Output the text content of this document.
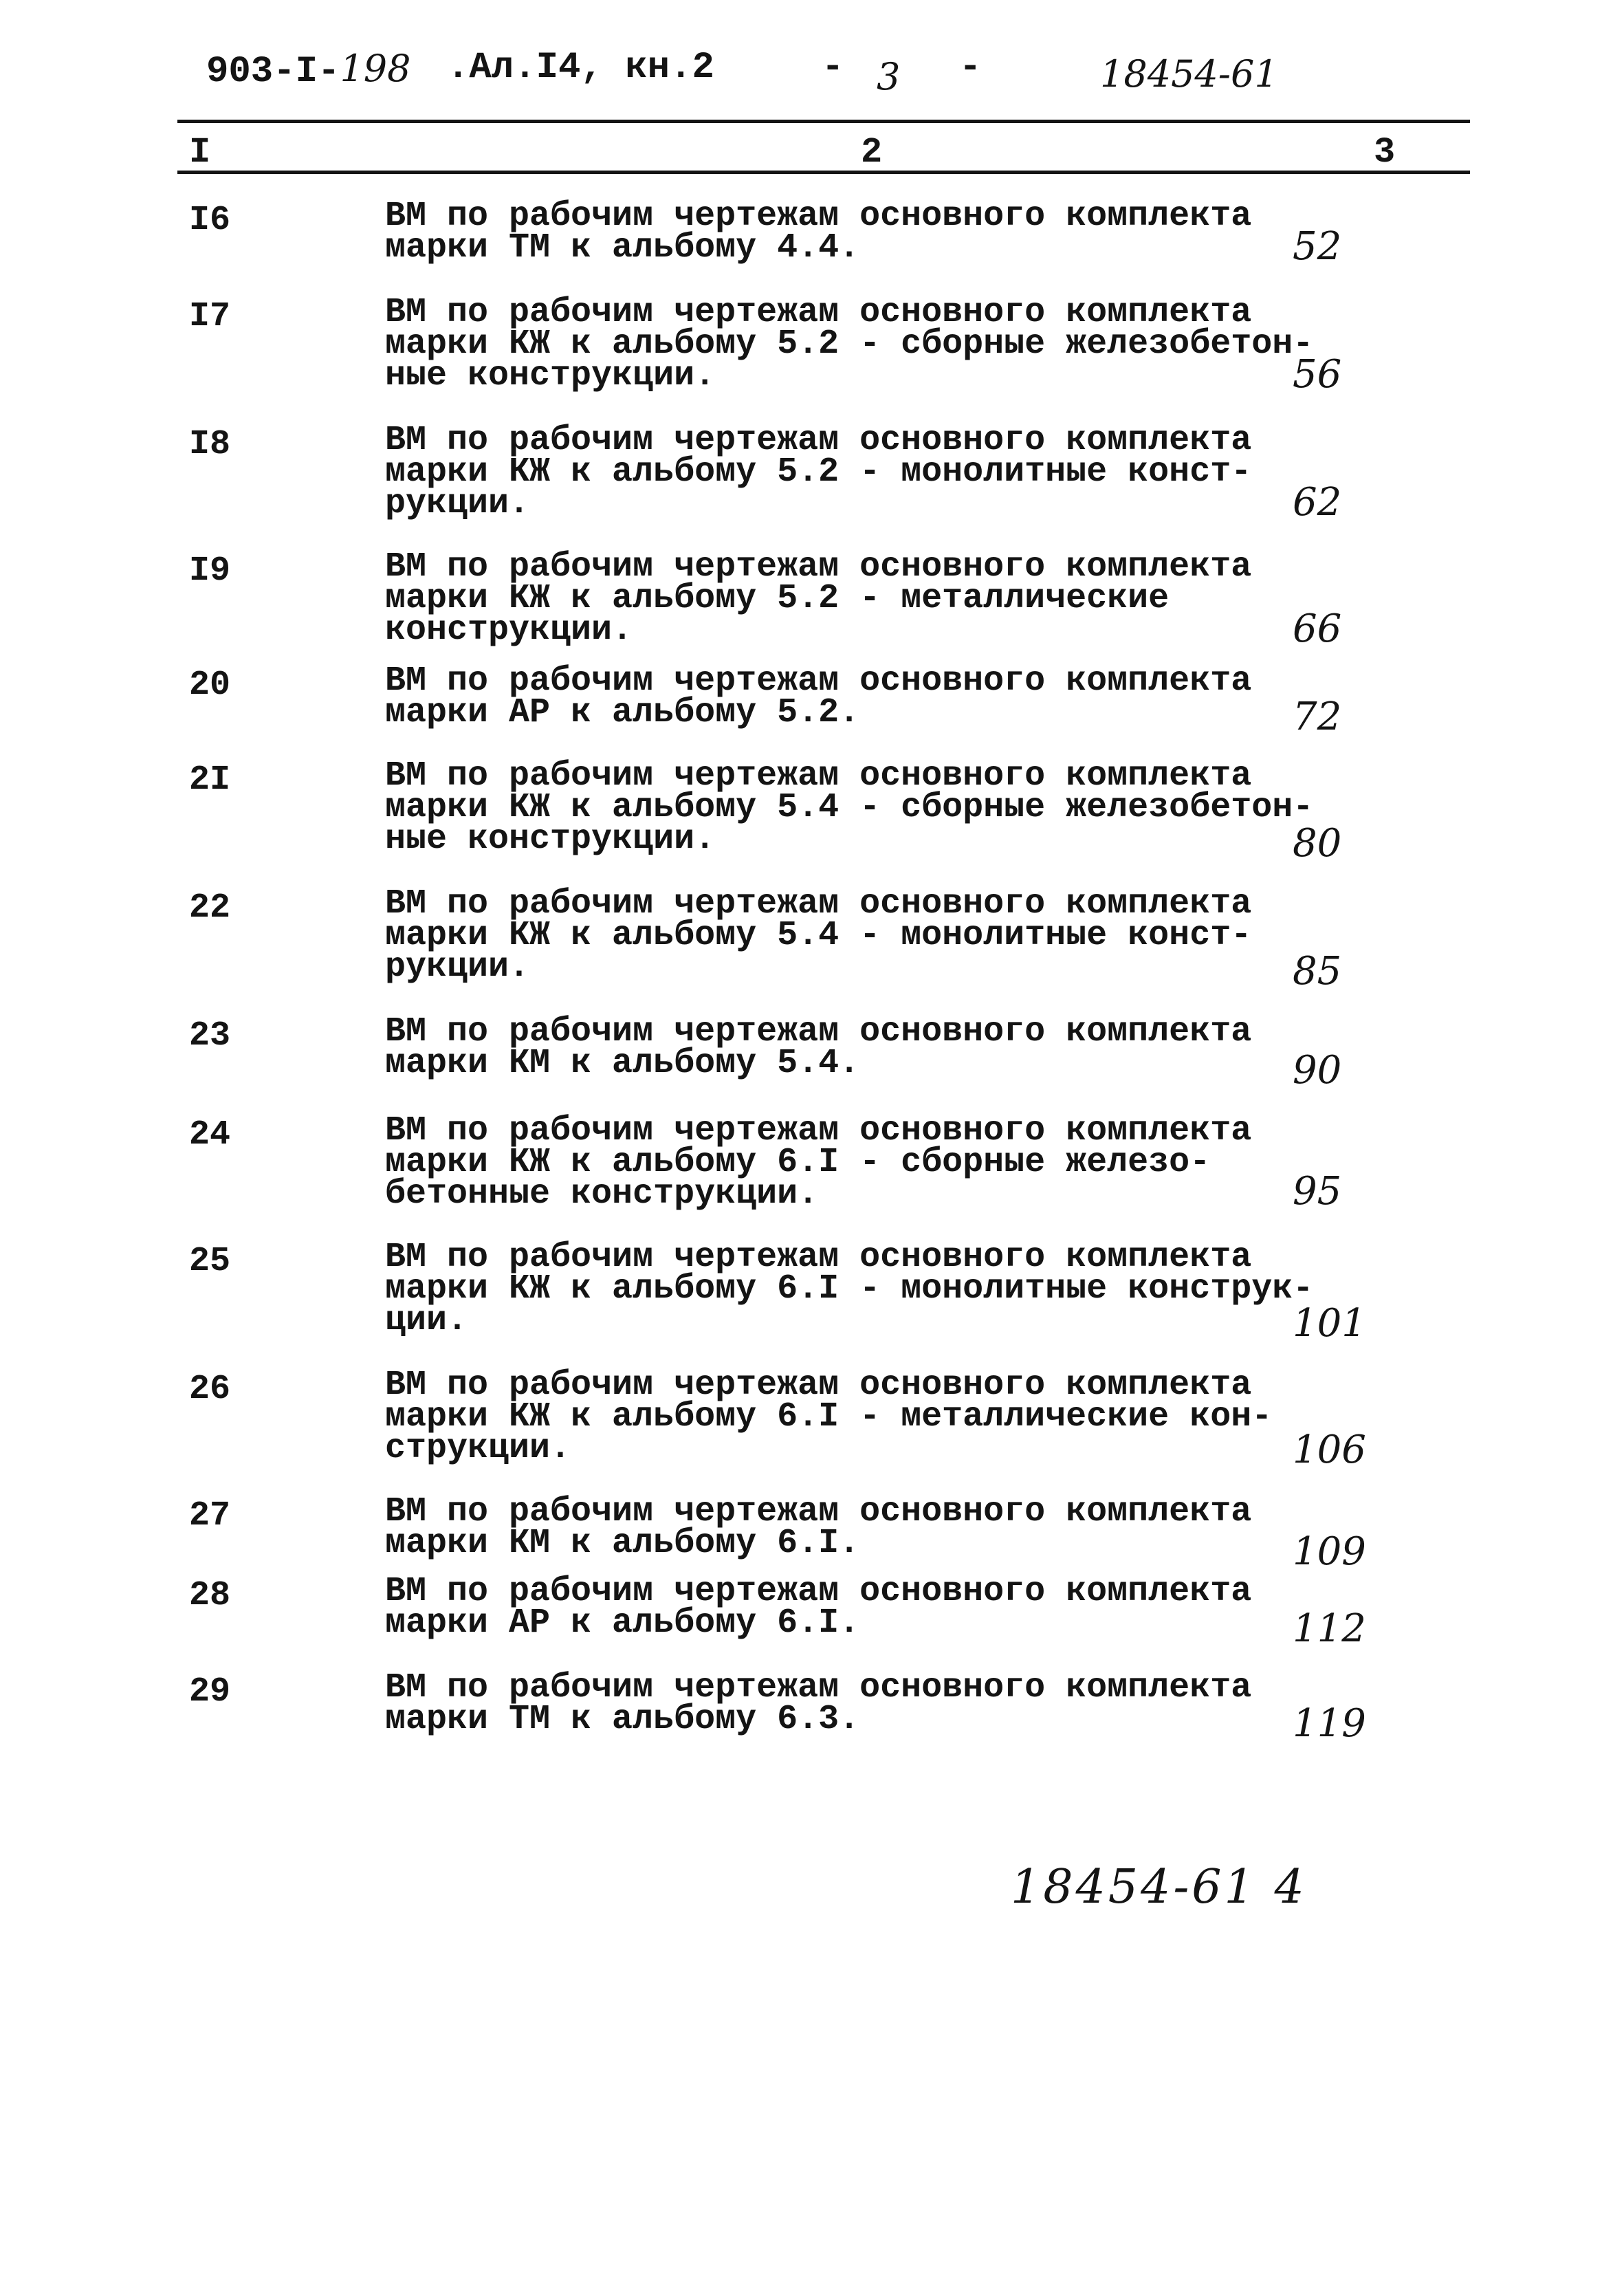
903-I-198 .Ал.I4, кн.2	- 3 -	18454-61
I	2	3
I6	ВМ по рабочим чертежам основного комплекта
марки ТМ к альбому 4.4.	52
I7	ВМ по рабочим чертежам основного комплекта
марки КЖ к альбому 5.2 - сборные железобетон-
ные конструкции.	56
I8	ВМ по рабочим чертежам основного комплекта
марки КЖ к альбому 5.2 - монолитные конст-
рукции.	62
I9	ВМ по рабочим чертежам основного комплекта
марки КЖ к альбому 5.2 - металлические
конструкции.	66
20	ВМ по рабочим чертежам основного комплекта
марки АР к альбому 5.2.	72
2I	ВМ по рабочим чертежам основного комплекта
марки КЖ к альбому 5.4 - сборные железобетон-
ные конструкции.	80
22	ВМ по рабочим чертежам основного комплекта
марки КЖ к альбому 5.4 - монолитные конст-
рукции.	85
23	ВМ по рабочим чертежам основного комплекта
марки КМ к альбому 5.4.	90
24	ВМ по рабочим чертежам основного комплекта
марки КЖ к альбому 6.I - сборные железо-
бетонные конструкции.	95
25	ВМ по рабочим чертежам основного комплекта
марки КЖ к альбому 6.I - монолитные конструк-
ции.	101
26	ВМ по рабочим чертежам основного комплекта
марки КЖ к альбому 6.I - металлические кон-
струкции.	106
27	ВМ по рабочим чертежам основного комплекта
марки КМ к альбому 6.I.	109
28	ВМ по рабочим чертежам основного комплекта
марки АР к альбому 6.I.	112
29	ВМ по рабочим чертежам основного комплекта
марки ТМ к альбому 6.3.	119
18454-61 4
